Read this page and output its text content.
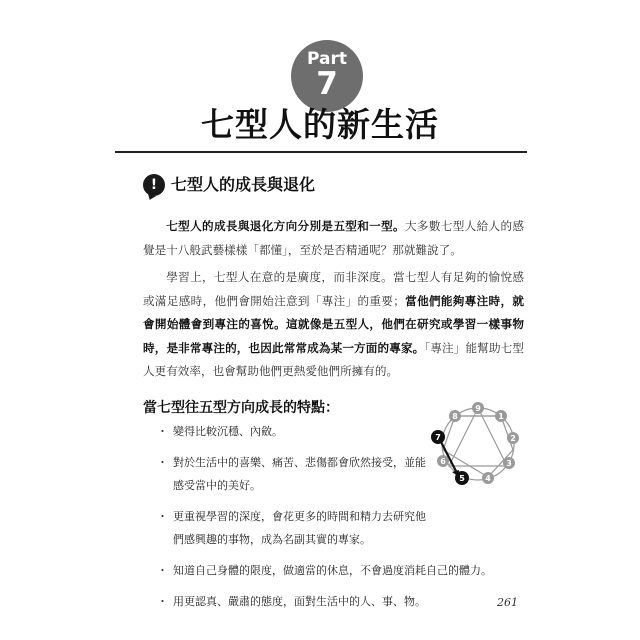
Part
7
七型人的新生活
! 七型人的成長與退化

七型人的成長與退化方向分別是五型和一型。大多數七型人給人的感覺是十八般武藝樣樣「都懂」，至於是否精通呢？那就難說了。

學習上，七型人在意的是廣度，而非深度。當七型人有足夠的愉悅感或滿足感時，他們會開始注意到「專注」的重要；當他們能夠專注時，就會開始體會到專注的喜悅。這就像是五型人，他們在研究或學習一樣事物時，是非常專注的，也因此常常成為某一方面的專家。「專注」能幫助七型人更有效率，也會幫助他們更熱愛他們所擁有的。

當七型往五型方向成長的特點：
・ 變得比較沉穩、內斂。
・ 對於生活中的喜樂、痛苦、悲傷都會欣然接受，並能感受當中的美好。
・ 更重視學習的深度，會花更多的時間和精力去研究他們感興趣的事物，成為名副其實的專家。
・ 知道自己身體的限度，做適當的休息，不會過度消耗自己的體力。
・ 用更認真、嚴肅的態度，面對生活中的人、事、物。
9
1
2
3
4
5
6
7
8
261
